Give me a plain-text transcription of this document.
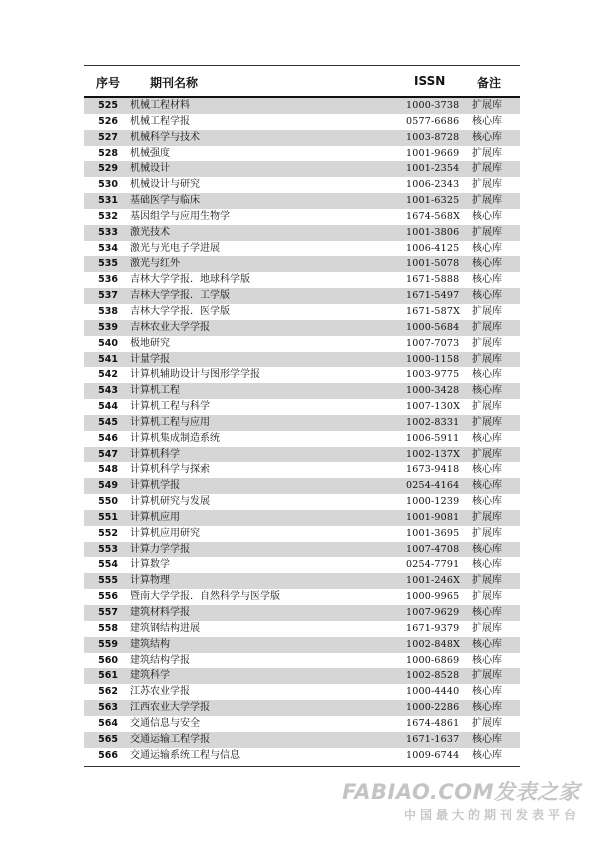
序号 期刊名称	ISSN	备注
525 机械工程材料	1000-3738 扩展库
526 机械工程学报	0577-6686 核心库
527 机械科学与技术	1003-8728 核心库
528 机械强度	1001-9669 扩展库
529 机械设计	1001-2354 扩展库
530 机械设计与研究	1006-2343 扩展库
531 基础医学与临床	1001-6325 扩展库
532 基因组学与应用生物学	1674-568X 核心库
533 激光技术	1001-3806 扩展库
534 激光与光电子学进展	1006-4125 核心库
535 激光与红外	1001-5078 核心库
536 吉林大学学报．地球科学版	1671-5888 核心库
537 吉林大学学报．工学版	1671-5497 核心库
538 吉林大学学报．医学版	1671-587X 扩展库
539 吉林农业大学学报	1000-5684 扩展库
540 极地研究	1007-7073 扩展库
541 计量学报	1000-1158 扩展库
542 计算机辅助设计与图形学学报	1003-9775 核心库
543 计算机工程	1000-3428 核心库
544 计算机工程与科学	1007-130X 扩展库
545 计算机工程与应用	1002-8331 扩展库
546 计算机集成制造系统	1006-5911 核心库
547 计算机科学	1002-137X 扩展库
548 计算机科学与探索	1673-9418 核心库
549 计算机学报	0254-4164 核心库
550 计算机研究与发展	1000-1239 核心库
551 计算机应用	1001-9081 扩展库
552 计算机应用研究	1001-3695 扩展库
553 计算力学学报	1007-4708 核心库
554 计算数学	0254-7791 核心库
555 计算物理	1001-246X 扩展库
556 暨南大学学报．自然科学与医学版	1000-9965 扩展库
557 建筑材料学报	1007-9629 核心库
558 建筑钢结构进展	1671-9379 扩展库
559 建筑结构	1002-848X 核心库
560 建筑结构学报	1000-6869 核心库
561 建筑科学	1002-8528 扩展库
562 江苏农业学报	1000-4440 核心库
563 江西农业大学学报	1000-2286 核心库
564 交通信息与安全	1674-4861 扩展库
565 交通运输工程学报	1671-1637 核心库
566 交通运输系统工程与信息	1009-6744 核心库
FABIAO.COM发表之家
中国最大的期刊发表平台
